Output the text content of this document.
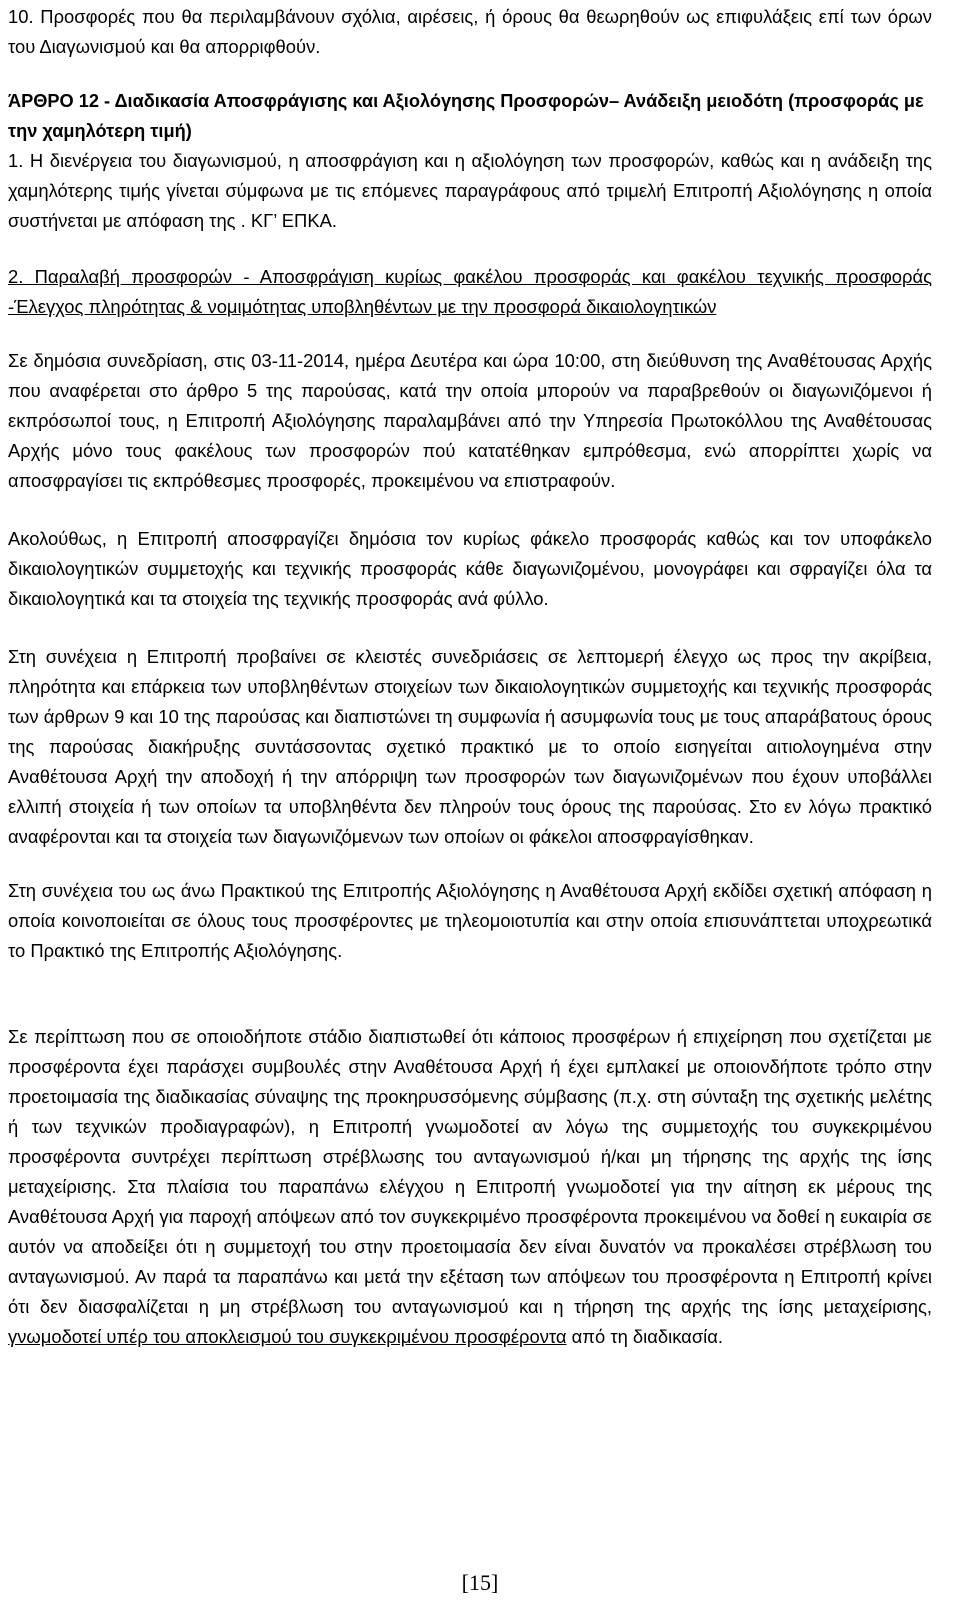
10. Προσφορές που θα περιλαμβάνουν σχόλια, αιρέσεις, ή όρους θα θεωρηθούν ως επιφυλάξεις επί των όρων του Διαγωνισμού και θα απορριφθούν.

ΆΡΘΡΟ 12 - Διαδικασία Αποσφράγισης και Αξιολόγησης Προσφορών– Ανάδειξη μειοδότη (προσφοράς με την χαμηλότερη τιμή)

1. Η διενέργεια του διαγωνισμού, η αποσφράγιση και η αξιολόγηση των προσφορών, καθώς και η ανάδειξη της χαμηλότερης τιμής γίνεται σύμφωνα με τις επόμενες παραγράφους από τριμελή Επιτροπή Αξιολόγησης η οποία συστήνεται με απόφαση της . ΚΓ’ ΕΠΚΑ.

2. Παραλαβή προσφορών - Αποσφράγιση κυρίως φακέλου προσφοράς και φακέλου τεχνικής προσφοράς -Έλεγχος πληρότητας & νομιμότητας υποβληθέντων με την προσφορά δικαιολογητικών

Σε δημόσια συνεδρίαση, στις 03-11-2014, ημέρα Δευτέρα και ώρα 10:00, στη διεύθυνση της Αναθέτουσας Αρχής που αναφέρεται στο άρθρο 5 της παρούσας, κατά την οποία μπορούν να παραβρεθούν οι διαγωνιζόμενοι ή εκπρόσωποί τους, η Επιτροπή Αξιολόγησης παραλαμβάνει από την Υπηρεσία Πρωτοκόλλου της Αναθέτουσας Αρχής μόνο τους φακέλους των προσφορών πού κατατέθηκαν εμπρόθεσμα, ενώ απορρίπτει χωρίς να αποσφραγίσει τις εκπρόθεσμες προσφορές, προκειμένου να επιστραφούν.

Ακολούθως, η Επιτροπή αποσφραγίζει δημόσια τον κυρίως φάκελο προσφοράς καθώς και τον υποφάκελο δικαιολογητικών συμμετοχής και τεχνικής προσφοράς κάθε διαγωνιζομένου, μονογράφει και σφραγίζει όλα τα δικαιολογητικά και τα στοιχεία της τεχνικής προσφοράς ανά φύλλο.

Στη συνέχεια η Επιτροπή προβαίνει σε κλειστές συνεδριάσεις σε λεπτομερή έλεγχο ως προς την ακρίβεια, πληρότητα και επάρκεια των υποβληθέντων στοιχείων των δικαιολογητικών συμμετοχής και τεχνικής προσφοράς των άρθρων 9 και 10 της παρούσας και διαπιστώνει τη συμφωνία ή ασυμφωνία τους με τους απαράβατους όρους της παρούσας διακήρυξης συντάσσοντας σχετικό πρακτικό με το οποίο εισηγείται αιτιολογημένα στην Αναθέτουσα Αρχή την αποδοχή ή την απόρριψη των προσφορών των διαγωνιζομένων που έχουν υποβάλλει ελλιπή στοιχεία ή των οποίων τα υποβληθέντα δεν πληρούν τους όρους της παρούσας. Στο εν λόγω πρακτικό αναφέρονται και τα στοιχεία των διαγωνιζόμενων των οποίων οι φάκελοι αποσφραγίσθηκαν.

Στη συνέχεια του ως άνω Πρακτικού της Επιτροπής Αξιολόγησης η Αναθέτουσα Αρχή εκδίδει σχετική απόφαση η οποία κοινοποιείται σε όλους τους προσφέροντες με τηλεομοιοτυπία και στην οποία επισυνάπτεται υποχρεωτικά το Πρακτικό της Επιτροπής Αξιολόγησης.

Σε περίπτωση που σε οποιοδήποτε στάδιο διαπιστωθεί ότι κάποιος προσφέρων ή επιχείρηση που σχετίζεται με προσφέροντα έχει παράσχει συμβουλές στην Αναθέτουσα Αρχή ή έχει εμπλακεί με οποιονδήποτε τρόπο στην προετοιμασία της διαδικασίας σύναψης της προκηρυσσόμενης σύμβασης (π.χ. στη σύνταξη της σχετικής μελέτης ή των τεχνικών προδιαγραφών), η Επιτροπή γνωμοδοτεί αν λόγω της συμμετοχής του συγκεκριμένου προσφέροντα συντρέχει περίπτωση στρέβλωσης του ανταγωνισμού ή/και μη τήρησης της αρχής της ίσης μεταχείρισης. Στα πλαίσια του παραπάνω ελέγχου η Επιτροπή γνωμοδοτεί για την αίτηση εκ μέρους της Αναθέτουσα Αρχή για παροχή απόψεων από τον συγκεκριμένο προσφέροντα προκειμένου να δοθεί η ευκαιρία σε αυτόν να αποδείξει ότι η συμμετοχή του στην προετοιμασία δεν είναι δυνατόν να προκαλέσει στρέβλωση του ανταγωνισμού. Αν παρά τα παραπάνω και μετά την εξέταση των απόψεων του προσφέροντα η Επιτροπή κρίνει ότι δεν διασφαλίζεται η μη στρέβλωση του ανταγωνισμού και η τήρηση της αρχής της ίσης μεταχείρισης, γνωμοδοτεί υπέρ του αποκλεισμού του συγκεκριμένου προσφέροντα από τη διαδικασία.

[15]
